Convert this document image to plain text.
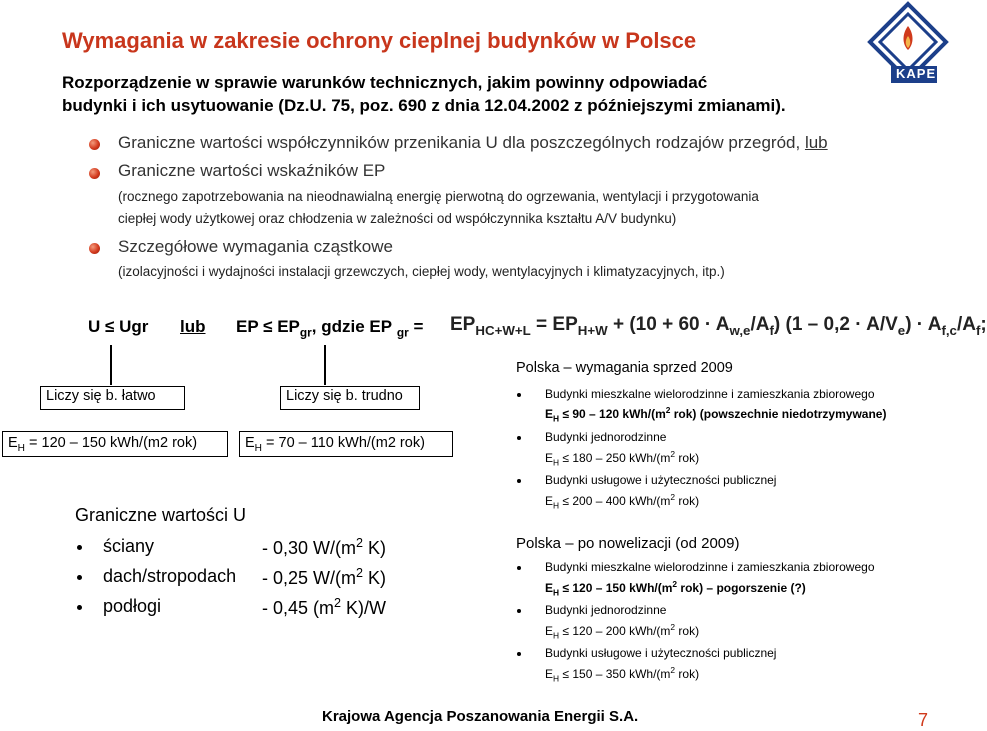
Wymagania w zakresie ochrony cieplnej budynków w Polsce
Rozporządzenie w sprawie warunków technicznych, jakim powinny odpowiadać
budynki i ich usytuowanie (Dz.U. 75, poz. 690 z dnia 12.04.2002 z późniejszymi zmianami).
KAPE
Graniczne wartości współczynników przenikania U dla poszczególnych rodzajów przegród, lub
Graniczne wartości wskaźników EP
(rocznego zapotrzebowania na nieodnawialną energię pierwotną do ogrzewania, wentylacji i przygotowania
ciepłej wody użytkowej oraz chłodzenia w zależności od współczynnika kształtu A/V budynku)
Szczegółowe wymagania cząstkowe
(izolacyjności i wydajności instalacji grzewczych, ciepłej wody, wentylacyjnych i klimatyzacyjnych, itp.)
U ≤ Ugr lub EP ≤ $EP_{gr}$, gdzie EP $_{gr} = EP_{HC+W+L} = EP_{H+W} + (10 + 60 \cdot A_{w,e}/A_f)$ $(1 - 0,2 \cdot A/V_e) \cdot A_{f,c}/A_f$;
Liczy się b. łatwo	Liczy się b. trudno
$E_H = 120 - 150$ kWh/(m2 rok)	$E_H = 70 - 110$ kWh/(m2 rok)
Graniczne wartości U
ściany	- 0,30 $W/(m^2$ K)
dach/stropodach - 0,25 $W/(m^2$ K)
podłogi	- 0,45 ($m^2$ K)/W
Polska – wymagania sprzed 2009
Budynki mieszkalne wielorodzinne i zamieszkania zbiorowego
$E_H \le 90 - 120$ kWh/($m^2$ rok) (powszechnie niedotrzymywane)
Budynki jednorodzinne
$E_H \le 180 - 250$ kWh/($m^2$ rok)
Budynki usługowe i użyteczności publicznej
$E_H \le 200 - 400$ kWh/($m^2$ rok)
Polska – po nowelizacji (od 2009)
Budynki mieszkalne wielorodzinne i zamieszkania zbiorowego
$E_H \le 120 - 150$ kWh/($m^2$ rok) – pogorszenie (?)
Budynki jednorodzinne
$E_H \le 120 - 200$ kWh/($m^2$ rok)
Budynki usługowe i użyteczności publicznej
$E_H \le 150 - 350$ kWh/($m^2$ rok)
Krajowa Agencja Poszanowania Energii S.A.	7
